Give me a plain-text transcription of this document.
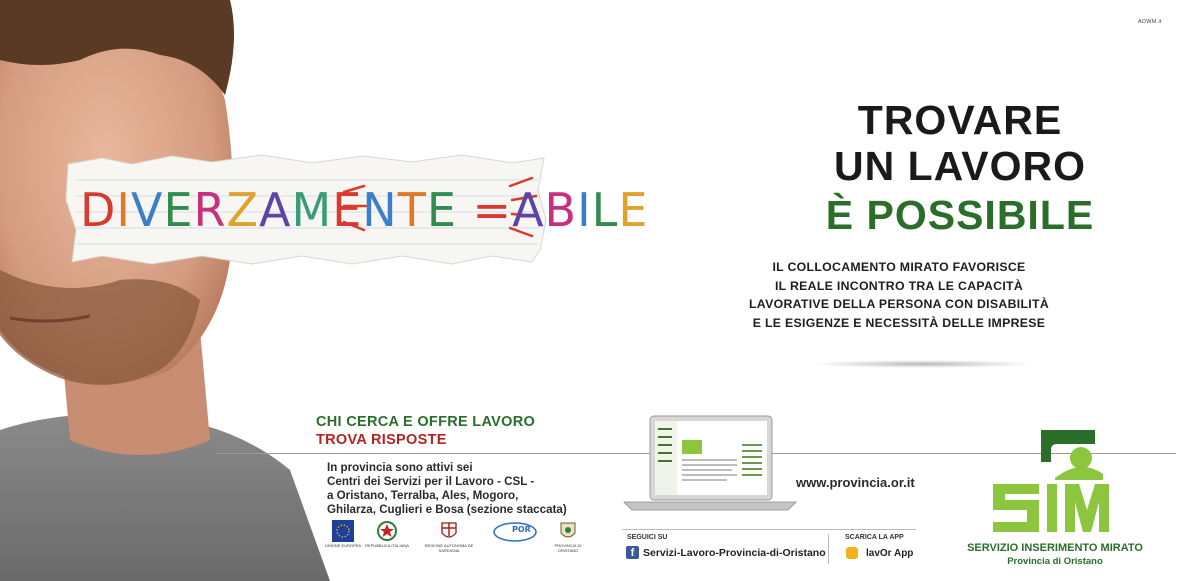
DIVERZAMENTE =ABILE
TROVARE
UN LAVORO
È POSSIBILE
IL COLLOCAMENTO MIRATO FAVORISCE
IL REALE INCONTRO TRA LE CAPACITÀ
LAVORATIVE DELLA PERSONA CON DISABILITÀ
E LE ESIGENZE E NECESSITÀ DELLE IMPRESE
CHI CERCA E OFFRE LAVORO
TROVA RISPOSTE
In provincia sono attivi sei
Centri dei Servizi per il Lavoro - CSL -
a Oristano, Terralba, Ales, Mogoro,
Ghilarza, Cuglieri e Bosa (sezione staccata)
UNIONE EUROPEA	REPUBBLICA ITALIANA	REGIONE AUTONOMA DE SARDIGNA
POR
PROVINCIA DI ORISTANO
www.provincia.or.it
SEGUICI SU
f Servizi-Lavoro-Provincia-di-Oristano
SCARICA LA APP
lavOr App	SERVIZIO INSERIMENTO MIRATO
Provincia di Oristano
ADWM.it
